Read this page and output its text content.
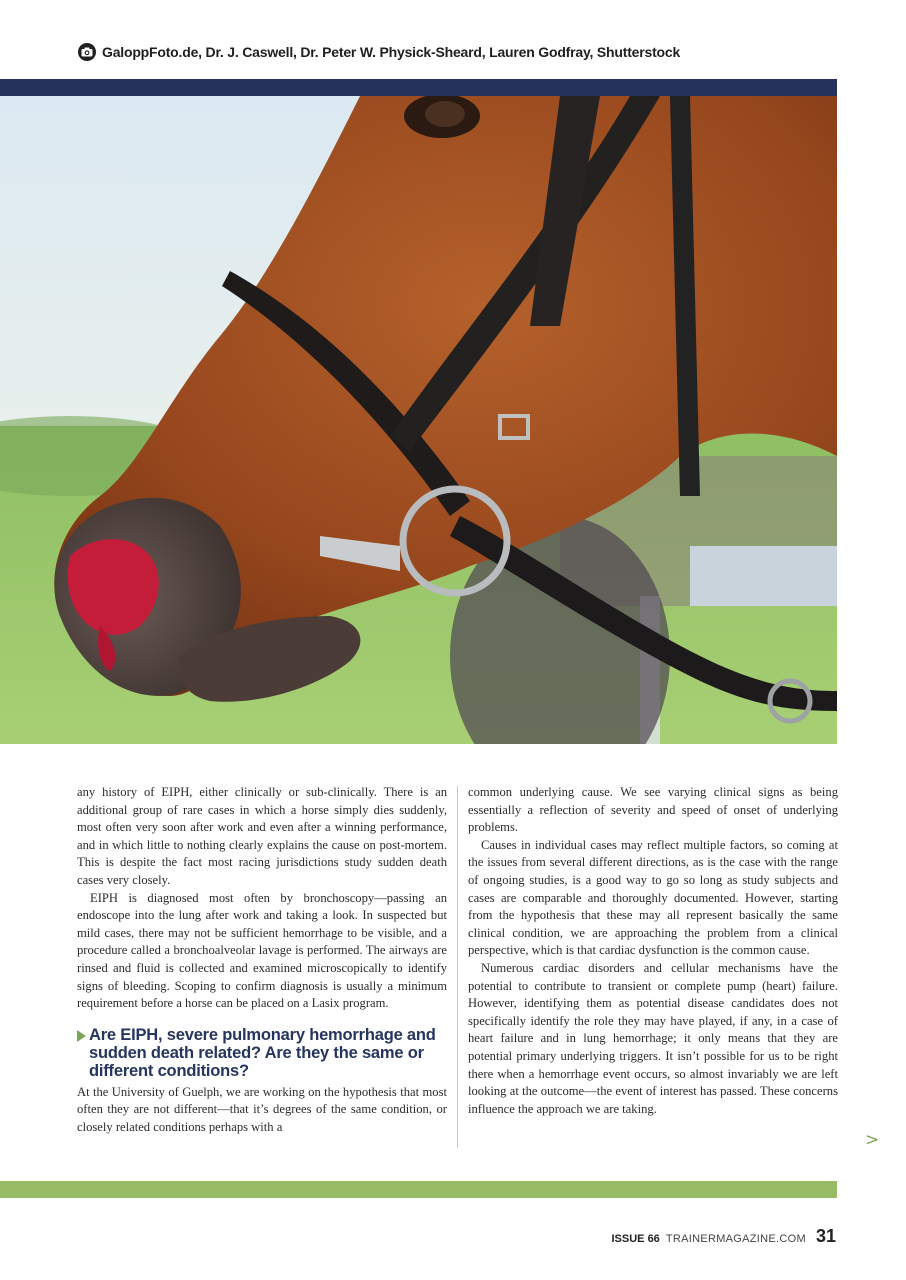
GaloppFoto.de, Dr. J. Caswell, Dr. Peter W. Physick-Sheard, Lauren Godfray, Shutterstock

any history of EIPH, either clinically or sub-clinically. There is an additional group of rare cases in which a horse simply dies suddenly, most often very soon after work and even after a winning performance, and in which little to nothing clearly explains the cause on post-mortem. This is despite the fact most racing jurisdictions study sudden death cases very closely.

EIPH is diagnosed most often by bronchoscopy—passing an endoscope into the lung after work and taking a look. In suspected but mild cases, there may not be sufficient hemorrhage to be visible, and a procedure called a bronchoalveolar lavage is performed. The airways are rinsed and fluid is collected and examined microscopically to identify signs of bleeding. Scoping to confirm diagnosis is usually a minimum requirement before a horse can be placed on a Lasix program.

Are EIPH, severe pulmonary hemorrhage and sudden death related? Are they the same or different conditions?

At the University of Guelph, we are working on the hypothesis that most often they are not different—that it’s degrees of the same condition, or closely related conditions perhaps with a

common underlying cause. We see varying clinical signs as being essentially a reflection of severity and speed of onset of underlying problems.

Causes in individual cases may reflect multiple factors, so coming at the issues from several different directions, as is the case with the range of ongoing studies, is a good way to go so long as study subjects and cases are comparable and thoroughly documented. However, starting from the hypothesis that these may all represent basically the same clinical condition, we are approaching the problem from a clinical perspective, which is that cardiac dysfunction is the common cause.

Numerous cardiac disorders and cellular mechanisms have the potential to contribute to transient or complete pump (heart) failure. However, identifying them as potential disease candidates does not specifically identify the role they may have played, if any, in a case of heart failure and in lung hemorrhage; it only means that they are potential primary underlying triggers. It isn’t possible for us to be right there when a hemorrhage event occurs, so almost invariably we are left looking at the outcome—the event of interest has passed. These concerns influence the approach we are taking.

>
ISSUE 66 TRAINERMAGAZINE.COM 31
